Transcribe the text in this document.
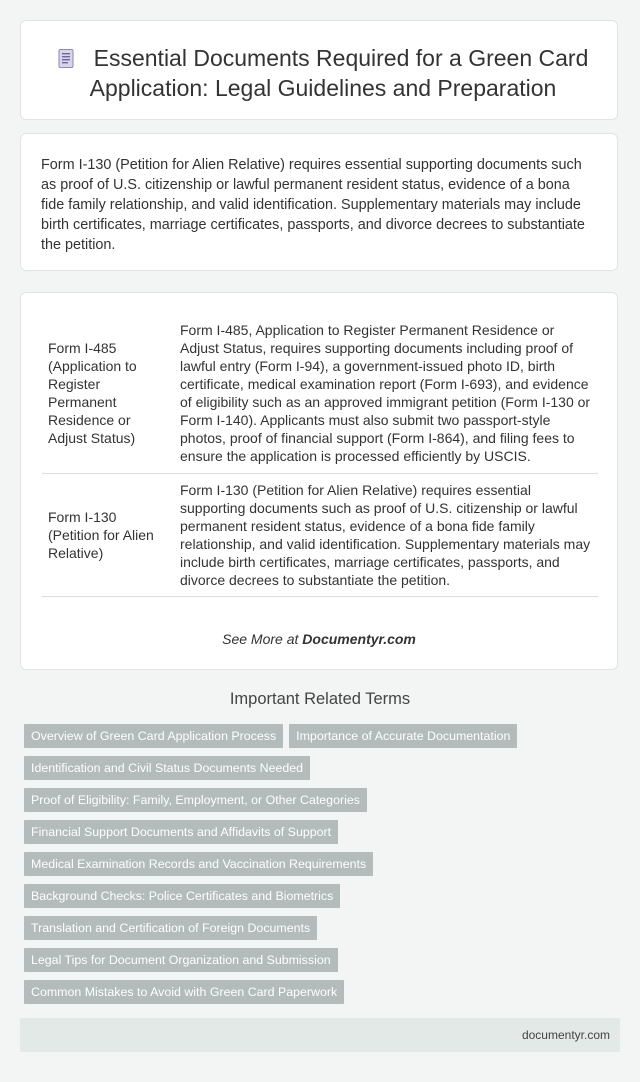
Essential Documents Required for a Green Card Application: Legal Guidelines and Preparation

Form I-130 (Petition for Alien Relative) requires essential supporting documents such as proof of U.S. citizenship or lawful permanent resident status, evidence of a bona fide family relationship, and valid identification. Supplementary materials may include birth certificates, marriage certificates, passports, and divorce decrees to substantiate the petition.

Form I-485 (Application to Register Permanent Residence or Adjust Status)	Form I-485, Application to Register Permanent Residence or Adjust Status, requires supporting documents including proof of lawful entry (Form I-94), a government-issued photo ID, birth certificate, medical examination report (Form I-693), and evidence of eligibility such as an approved immigrant petition (Form I-130 or Form I-140). Applicants must also submit two passport-style photos, proof of financial support (Form I-864), and filing fees to ensure the application is processed efficiently by USCIS.
Form I-130 (Petition for Alien Relative)	Form I-130 (Petition for Alien Relative) requires essential supporting documents such as proof of U.S. citizenship or lawful permanent resident status, evidence of a bona fide family relationship, and valid identification. Supplementary materials may include birth certificates, marriage certificates, passports, and divorce decrees to substantiate the petition.
See More at Documentyr.com
Important Related Terms
Overview of Green Card Application Process Importance of Accurate Documentation
Identification and Civil Status Documents Needed
Proof of Eligibility: Family, Employment, or Other Categories
Financial Support Documents and Affidavits of Support
Medical Examination Records and Vaccination Requirements
Background Checks: Police Certificates and Biometrics
Translation and Certification of Foreign Documents
Legal Tips for Document Organization and Submission
Common Mistakes to Avoid with Green Card Paperwork
documentyr.com
